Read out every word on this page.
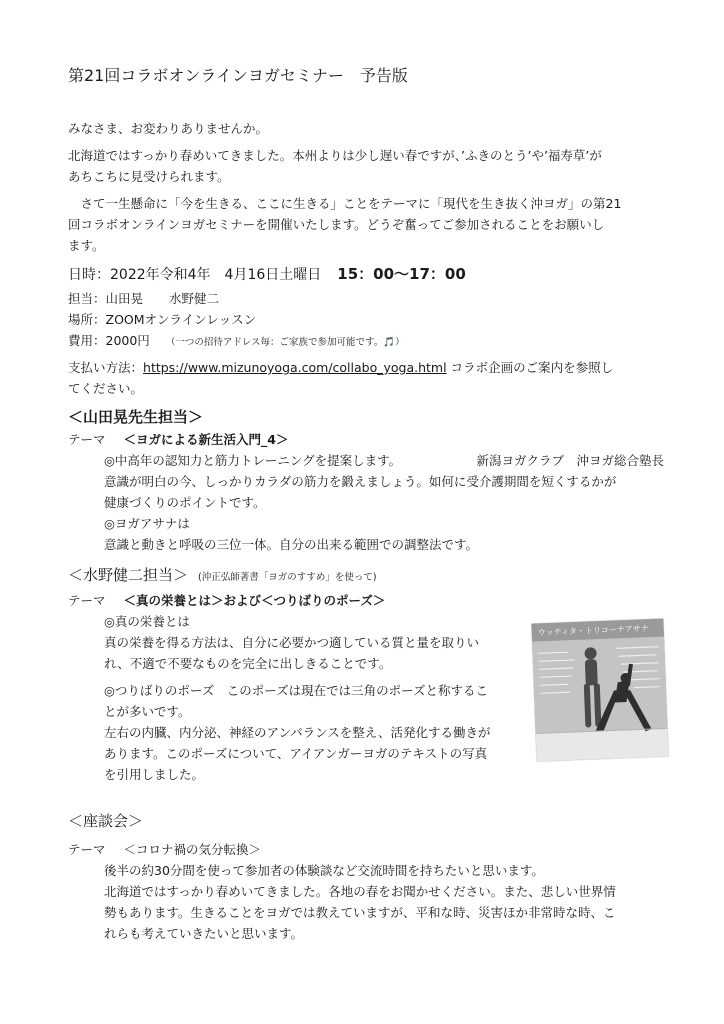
第21回コラボオンラインヨガセミナー　予告版

みなさま、お変わりありませんか。

北海道ではすっかり春めいてきました。本州よりは少し遅い春ですが、’ふきのとう’や’福寿草’が

あちこちに見受けられます。

　さて一生懸命に「今を生きる、ここに生きる」ことをテーマに「現代を生き抜く沖ヨガ」の第21

回コラボオンラインヨガセミナーを開催いたします。どうぞ奮ってご参加されることをお願いし

ます。

日時：2022年令和4年　4月16日土曜日 15：00〜17：00
担当：山田晃 水野健二
場所：ZOOMオンラインレッスン
費用：2000円 （一つの招待アドレス毎：ご家族で参加可能です。🎵）
支払い方法：https://www.mizunoyoga.com/collabo_yoga.html コラボ企画のご案内を参照し

てください。

＜山田晃先生担当＞
テーマ ＜ヨガによる新生活入門_4＞
◎中高年の認知力と筋力トレーニングを提案します。	新潟ヨガクラブ　沖ヨガ総合塾長

意識が明白の今、しっかりカラダの筋力を鍛えましょう。如何に受介護期間を短くするかが

健康づくりのポイントです。

◎ヨガアサナは

意識と動きと呼吸の三位一体。自分の出来る範囲での調整法です。

＜水野健二担当＞ (沖正弘師著書「ヨガのすすめ」を使って)
テーマ ＜真の栄養とは＞および＜つりばりのポーズ＞

◎真の栄養とは

真の栄養を得る方法は、自分に必要かつ適している質と量を取りい

れ、不適で不要なものを完全に出しきることです。

◎つりばりのポーズ　このポーズは現在では三角のポーズと称するこ

とが多いです。

左右の内臓、内分泌、神経のアンバランスを整え、活発化する働きが

あります。このポーズについて、アイアンガーヨガのテキストの写真

を引用しました。

ウッティタ・トリコーナアサナ
＜座談会＞
テーマ ＜コロナ禍の気分転換＞

後半の約30分間を使って参加者の体験談など交流時間を持ちたいと思います。

北海道ではすっかり春めいてきました。各地の春をお聞かせください。また、悲しい世界情

勢もあります。生きることをヨガでは教えていますが、平和な時、災害ほか非常時な時、こ

れらも考えていきたいと思います。
